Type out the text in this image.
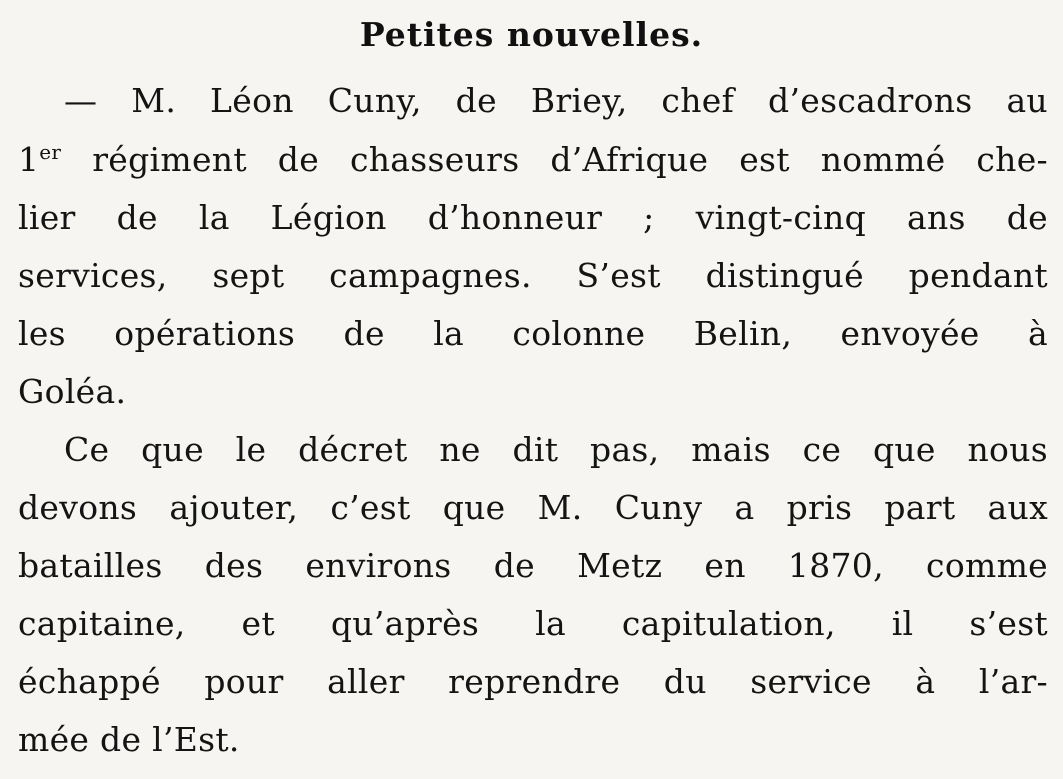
Petites nouvelles.
— M. Léon Cuny, de Briey, chef d’escadrons au
1er régiment de chasseurs d’Afrique est nommé che-
lier de la Légion d’honneur ; vingt-cinq ans de
services, sept campagnes. S’est distingué pendant
les opérations de la colonne Belin, envoyée à
Goléa.
Ce que le décret ne dit pas, mais ce que nous
devons ajouter, c’est que M. Cuny a pris part aux
batailles des environs de Metz en 1870, comme
capitaine, et qu’après la capitulation, il s’est
échappé pour aller reprendre du service à l’ar-
mée de l’Est.
